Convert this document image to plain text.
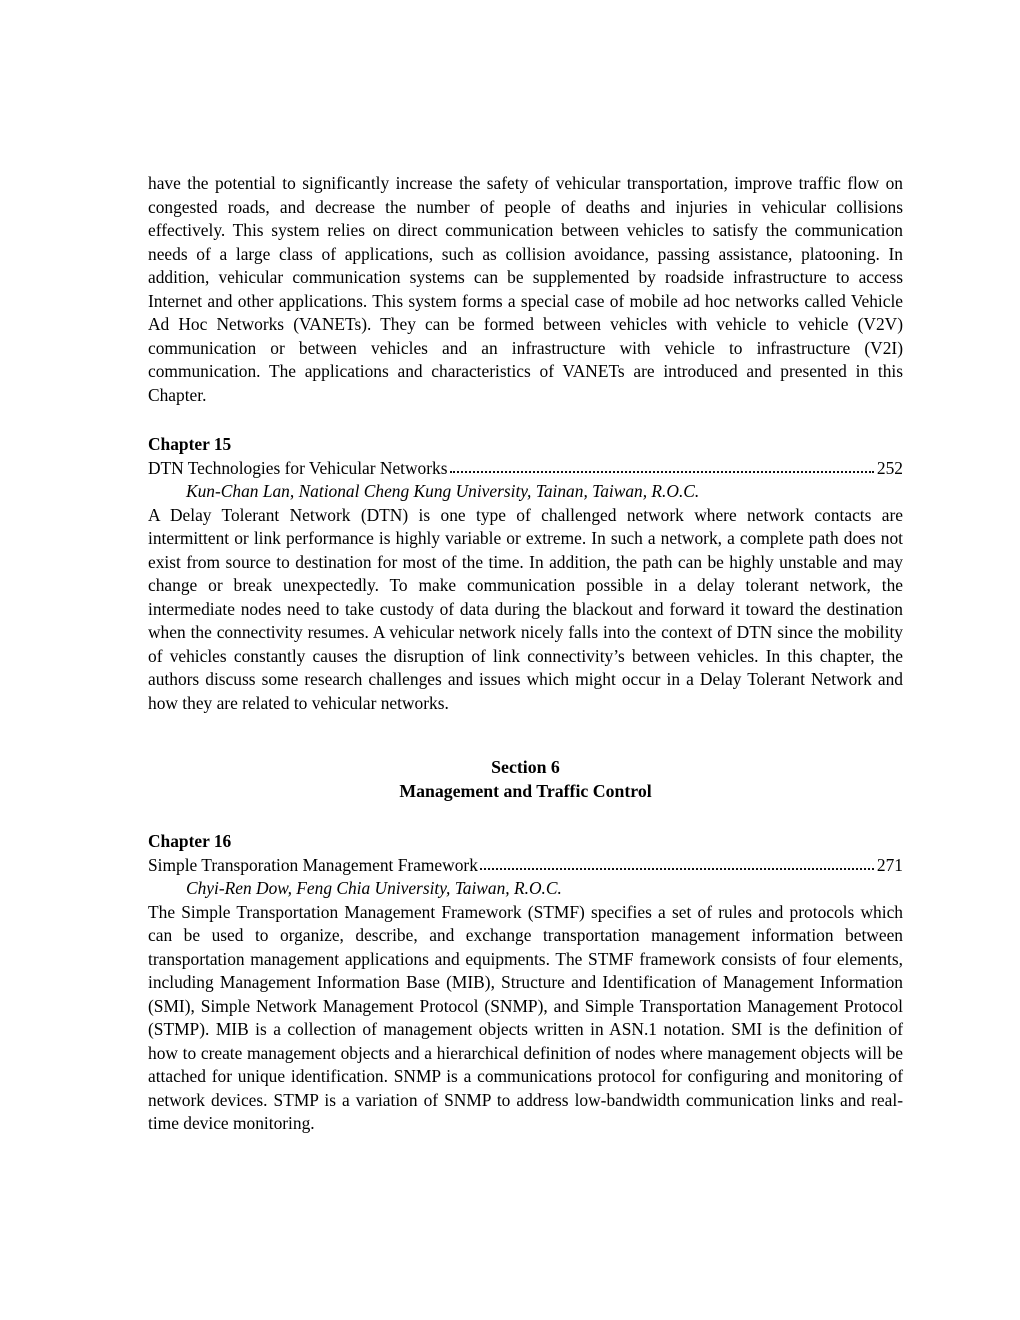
have the potential to significantly increase the safety of vehicular transportation, improve traffic flow on congested roads, and decrease the number of people of deaths and injuries in vehicular collisions effectively. This system relies on direct communication between vehicles to satisfy the communication needs of a large class of applications, such as collision avoidance, passing assistance, platooning. In addition, vehicular communication systems can be supplemented by roadside infrastructure to access Internet and other applications. This system forms a special case of mobile ad hoc networks called Vehicle Ad Hoc Networks (VANETs). They can be formed between vehicles with vehicle to vehicle (V2V) communication or between vehicles and an infrastructure with vehicle to infrastructure (V2I) communication. The applications and characteristics of VANETs are introduced and presented in this Chapter.

Chapter 15
DTN Technologies for Vehicular Networks	252
Kun-Chan Lan, National Cheng Kung University, Tainan, Taiwan, R.O.C.

A Delay Tolerant Network (DTN) is one type of challenged network where network contacts are intermittent or link performance is highly variable or extreme. In such a network, a complete path does not exist from source to destination for most of the time. In addition, the path can be highly unstable and may change or break unexpectedly. To make communication possible in a delay tolerant network, the intermediate nodes need to take custody of data during the blackout and forward it toward the destination when the connectivity resumes. A vehicular network nicely falls into the context of DTN since the mobility of vehicles constantly causes the disruption of link connectivity’s between vehicles. In this chapter, the authors discuss some research challenges and issues which might occur in a Delay Tolerant Network and how they are related to vehicular networks.

Section 6
Management and Traffic Control
Chapter 16
Simple Transporation Management Framework	271
Chyi-Ren Dow, Feng Chia University, Taiwan, R.O.C.

The Simple Transportation Management Framework (STMF) specifies a set of rules and protocols which can be used to organize, describe, and exchange transportation management information between transportation management applications and equipments. The STMF framework consists of four elements, including Management Information Base (MIB), Structure and Identification of Management Information (SMI), Simple Network Management Protocol (SNMP), and Simple Transportation Management Protocol (STMP). MIB is a collection of management objects written in ASN.1 notation. SMI is the definition of how to create management objects and a hierarchical definition of nodes where management objects will be attached for unique identification. SNMP is a communications protocol for configuring and monitoring of network devices. STMP is a variation of SNMP to address low-bandwidth communication links and real-time device monitoring.
